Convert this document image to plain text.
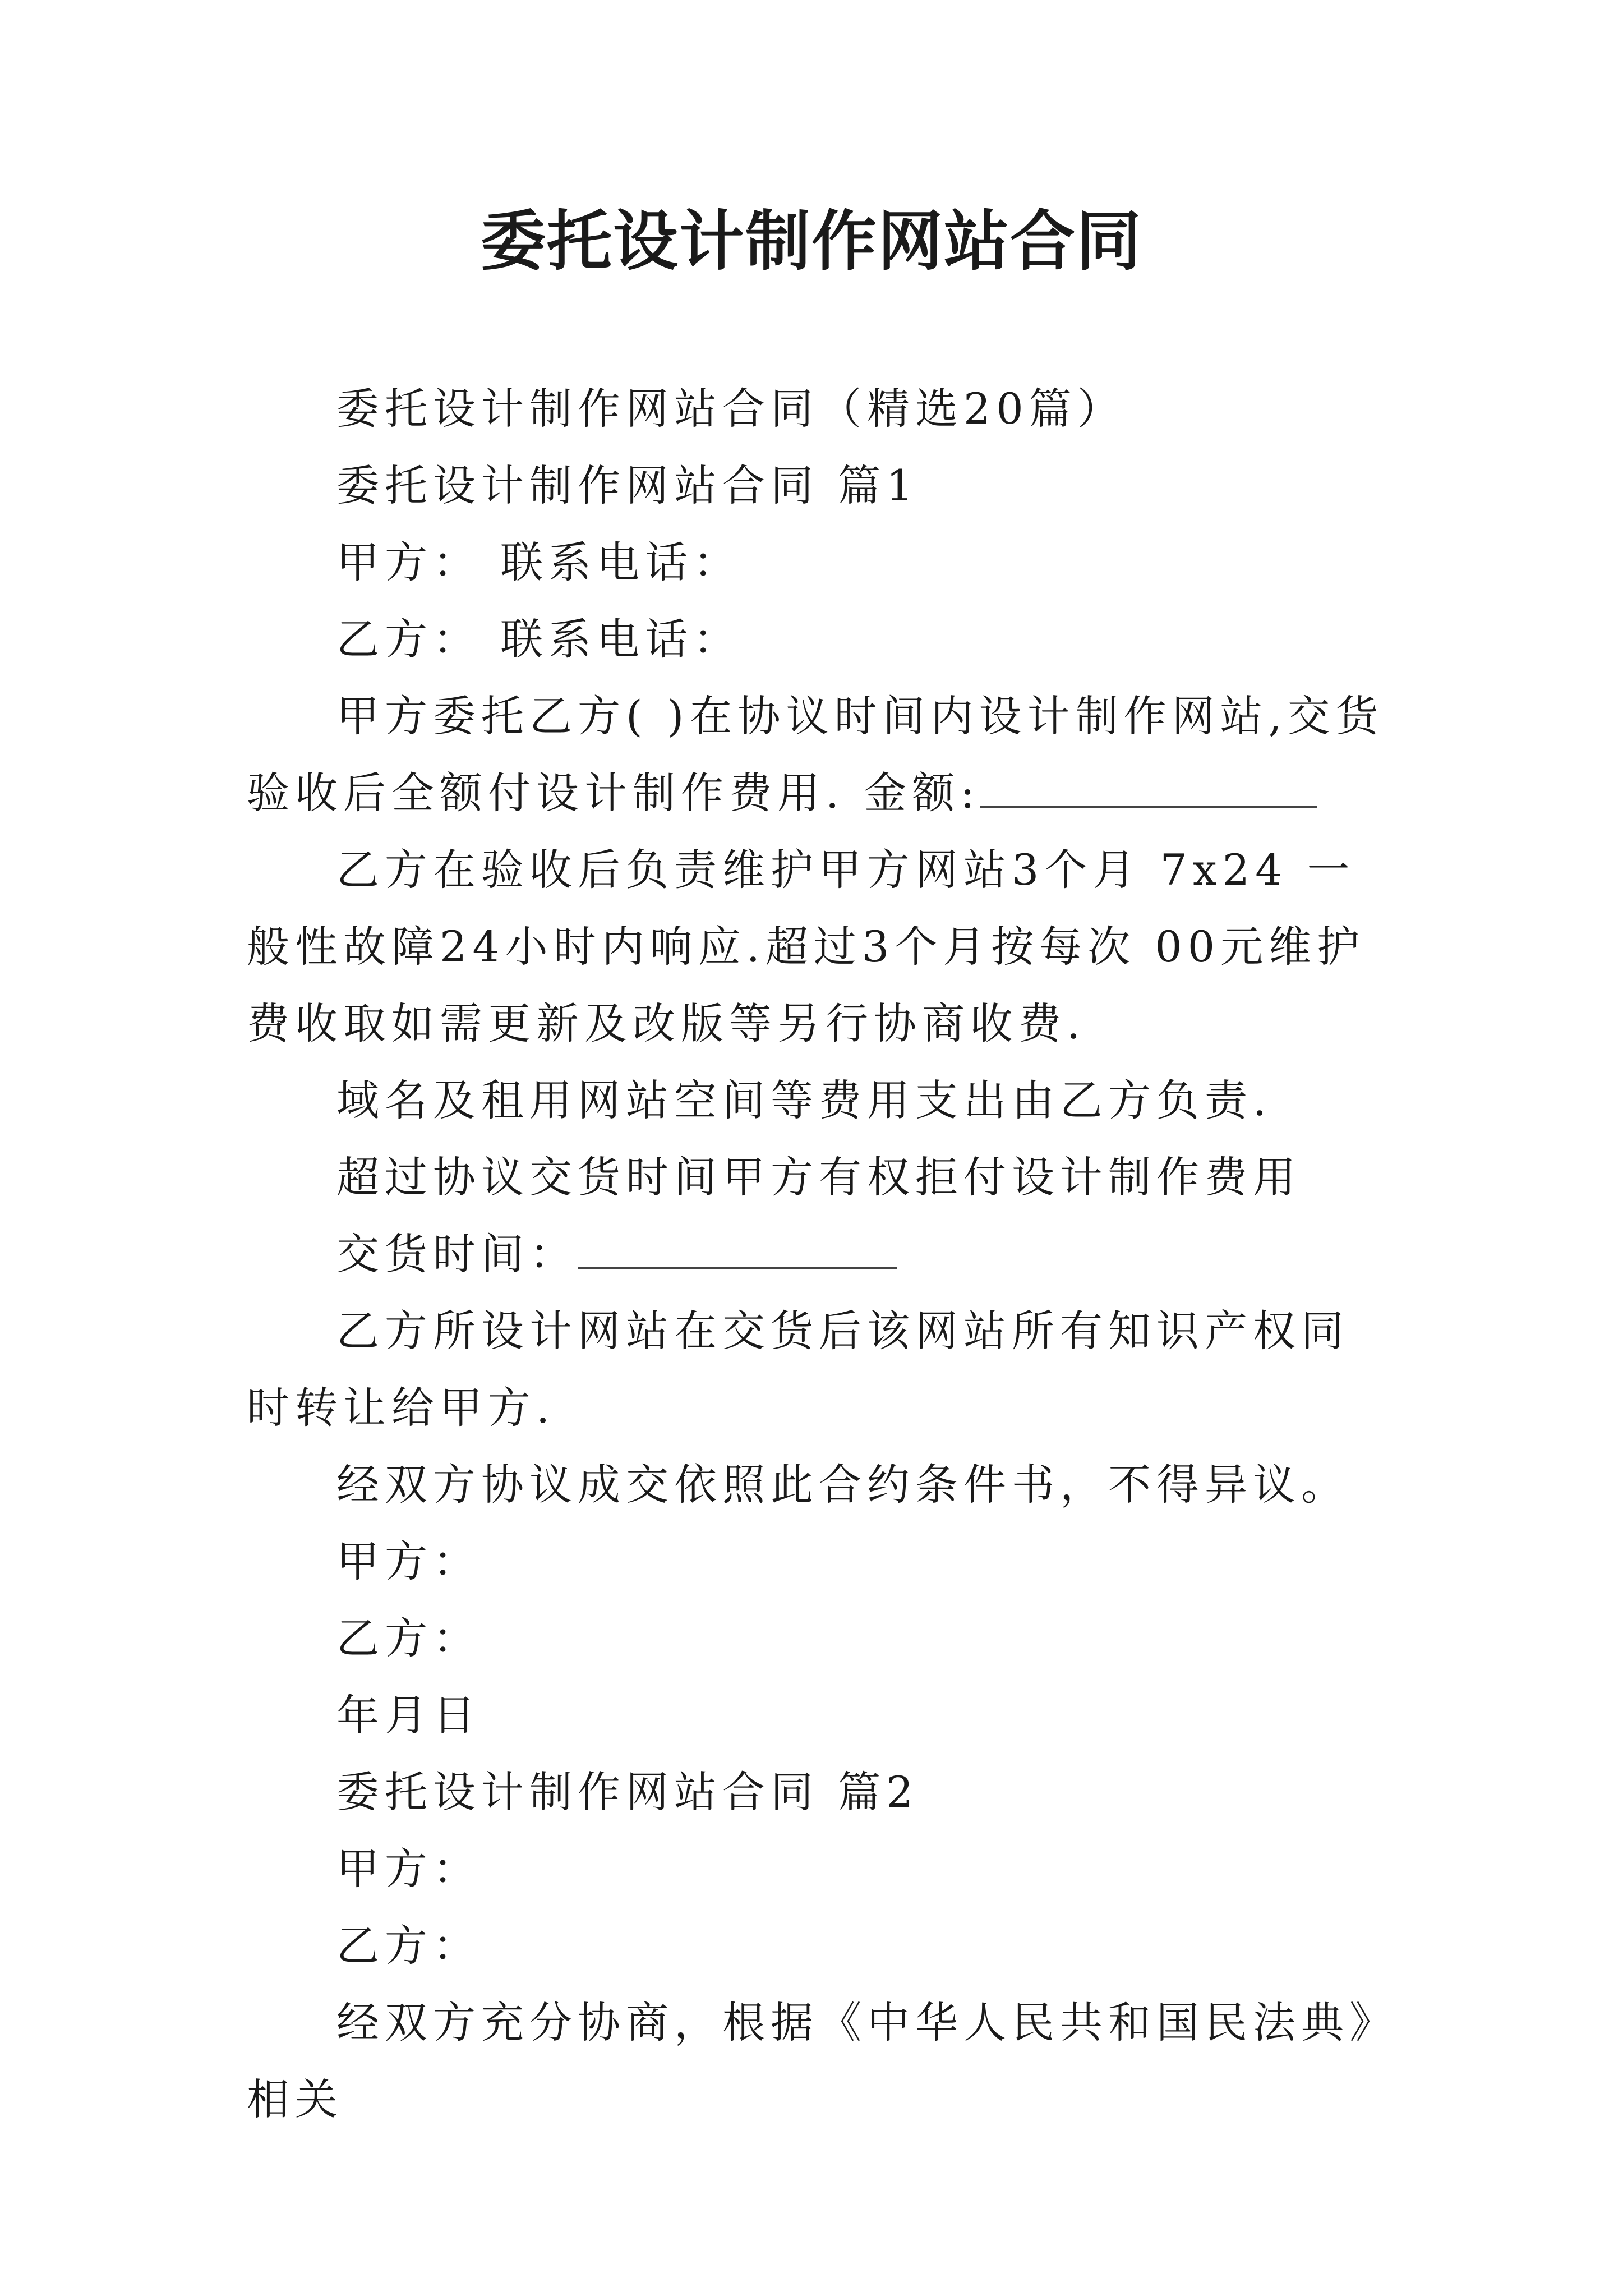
委托设计制作网站合同

委托设计制作网站合同（精选20篇）

委托设计制作网站合同 篇1

甲方： 联系电话：

乙方： 联系电话：

甲方委托乙方( )在协议时间内设计制作网站,交货验收后全额付设计制作费用. 金额:

乙方在验收后负责维护甲方网站3个月 7x24 一般性故障24小时内响应.超过3个月按每次 00元维护费收取如需更新及改版等另行协商收费.

域名及租用网站空间等费用支出由乙方负责.

超过协议交货时间甲方有权拒付设计制作费用

交货时间：

乙方所设计网站在交货后该网站所有知识产权同时转让给甲方.

经双方协议成交依照此合约条件书，不得异议。

甲方：

乙方：

年月日

委托设计制作网站合同 篇2

甲方：

乙方：

经双方充分协商，根据《中华人民共和国民法典》相关
